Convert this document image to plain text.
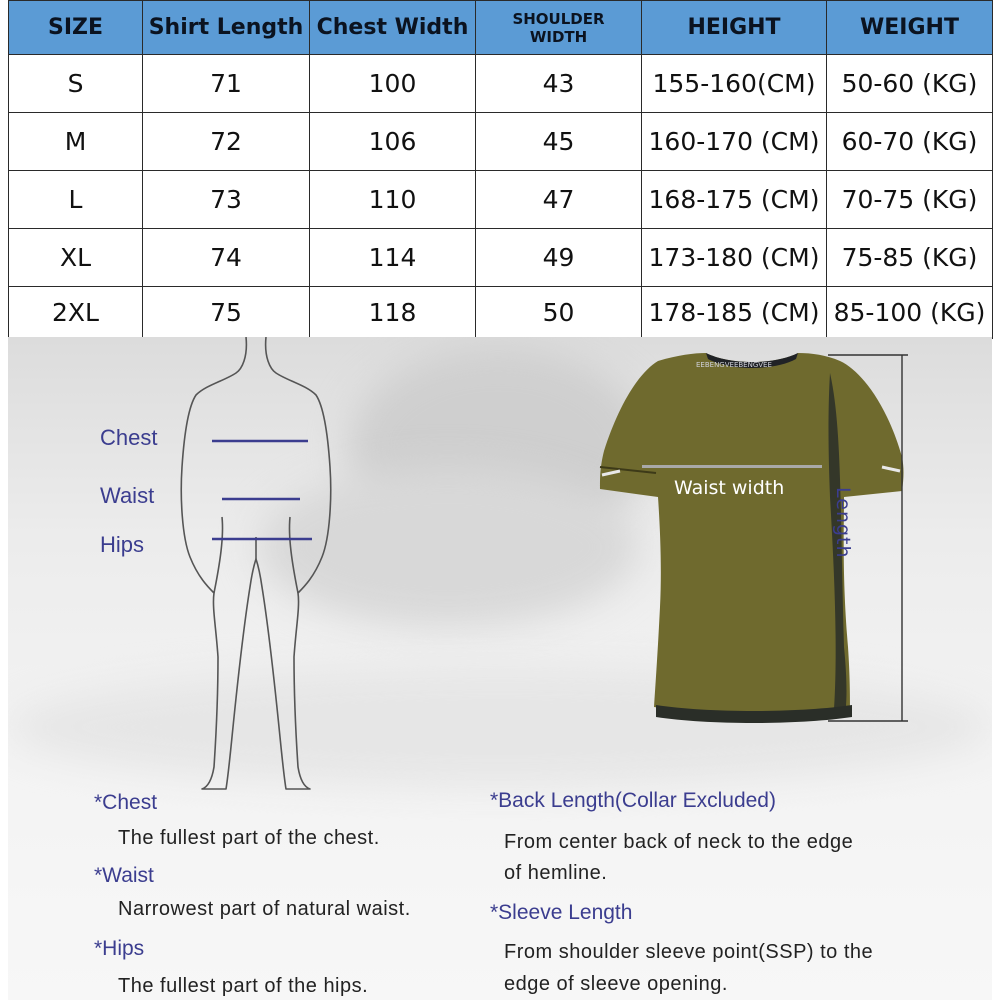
SIZE	Shirt Length	Chest Width	SHOULDER WIDTH	HEIGHT	WEIGHT
S	71	100	43	155-160(CM)	50-60 (KG)
M	72	106	45	160-170 (CM)	60-70 (KG)
L	73	110	47	168-175 (CM)	70-75 (KG)
XL	74	114	49	173-180 (CM)	75-85 (KG)
2XL	75	118	50	178-185 (CM)	85-100 (KG)
Chest
Waist
Hips
EEBENGVEEBENGVEE
Waist width	Length
*Chest
The fullest part of the chest.
*Waist
Narrowest part of natural waist.
*Hips
The fullest part of the hips.
*Back Length(Collar Excluded)
From center back of neck to the edge
of hemline.
*Sleeve Length
From shoulder sleeve point(SSP) to the
edge of sleeve opening.
